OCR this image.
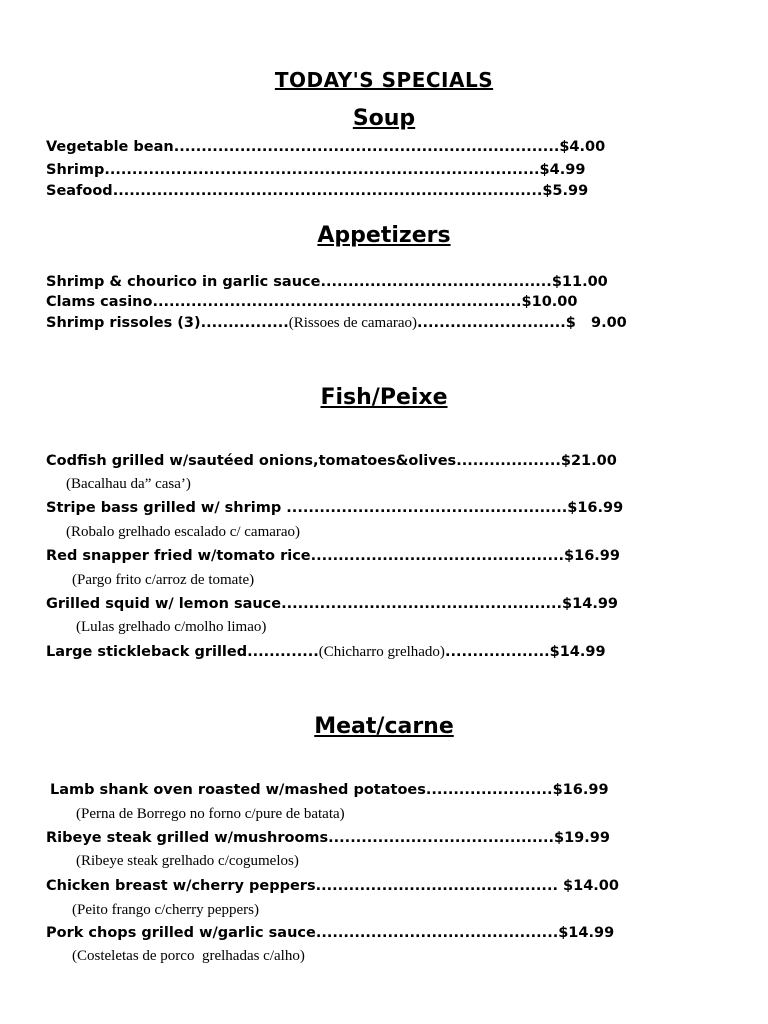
TODAY'S SPECIALS
Soup
Vegetable bean......................................................................$4.00
Shrimp...............................................................................$4.99
Seafood..............................................................................$5.99
Appetizers
Shrimp & chourico in garlic sauce..........................................$11.00
Clams casino...................................................................$10.00
Shrimp rissoles (3)................(Rissoes de camarao)...........................$   9.00
Fish/Peixe
Codfish grilled w/sautéed onions,tomatoes&olives...................$21.00
(Bacalhau da” casa’)
Stripe bass grilled w/ shrimp ...................................................$16.99
(Robalo grelhado escalado c/ camarao)
Red snapper fried w/tomato rice..............................................$16.99
(Pargo frito c/arroz de tomate)
Grilled squid w/ lemon sauce...................................................$14.99
(Lulas grelhado c/molho limao)
Large stickleback grilled.............(Chicharro grelhado)...................$14.99
Meat/carne
Lamb shank oven roasted w/mashed potatoes.......................$16.99
(Perna de Borrego no forno c/pure de batata)
Ribeye steak grilled w/mushrooms.........................................$19.99
(Ribeye steak grelhado c/cogumelos)
Chicken breast w/cherry peppers............................................ $14.00
(Peito frango c/cherry peppers)
Pork chops grilled w/garlic sauce............................................$14.99
(Costeletas de porco  grelhadas c/alho)
